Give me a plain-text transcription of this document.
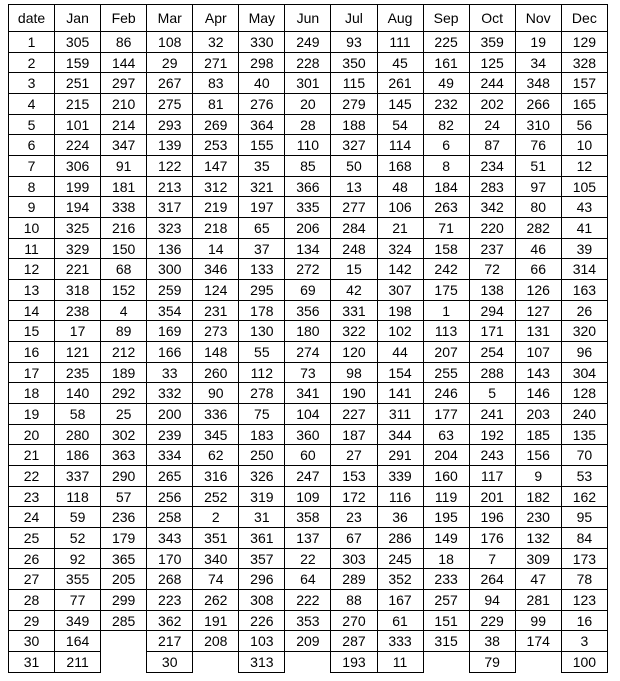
date	Jan	Feb	Mar	Apr	May	Jun	Jul	Aug	Sep	Oct	Nov	Dec
1	305	86	108	32	330	249	93	111	225	359	19	129
2	159	144	29	271	298	228	350	45	161	125	34	328
3	251	297	267	83	40	301	115	261	49	244	348	157
4	215	210	275	81	276	20	279	145	232	202	266	165
5	101	214	293	269	364	28	188	54	82	24	310	56
6	224	347	139	253	155	110	327	114	6	87	76	10
7	306	91	122	147	35	85	50	168	8	234	51	12
8	199	181	213	312	321	366	13	48	184	283	97	105
9	194	338	317	219	197	335	277	106	263	342	80	43
10	325	216	323	218	65	206	284	21	71	220	282	41
11	329	150	136	14	37	134	248	324	158	237	46	39
12	221	68	300	346	133	272	15	142	242	72	66	314
13	318	152	259	124	295	69	42	307	175	138	126	163
14	238	4	354	231	178	356	331	198	1	294	127	26
15	17	89	169	273	130	180	322	102	113	171	131	320
16	121	212	166	148	55	274	120	44	207	254	107	96
17	235	189	33	260	112	73	98	154	255	288	143	304
18	140	292	332	90	278	341	190	141	246	5	146	128
19	58	25	200	336	75	104	227	311	177	241	203	240
20	280	302	239	345	183	360	187	344	63	192	185	135
21	186	363	334	62	250	60	27	291	204	243	156	70
22	337	290	265	316	326	247	153	339	160	117	9	53
23	118	57	256	252	319	109	172	116	119	201	182	162
24	59	236	258	2	31	358	23	36	195	196	230	95
25	52	179	343	351	361	137	67	286	149	176	132	84
26	92	365	170	340	357	22	303	245	18	7	309	173
27	355	205	268	74	296	64	289	352	233	264	47	78
28	77	299	223	262	308	222	88	167	257	94	281	123
29	349	285	362	191	226	353	270	61	151	229	99	16
30	164		217	208	103	209	287	333	315	38	174	3
31	211		30		313		193	11		79		100
